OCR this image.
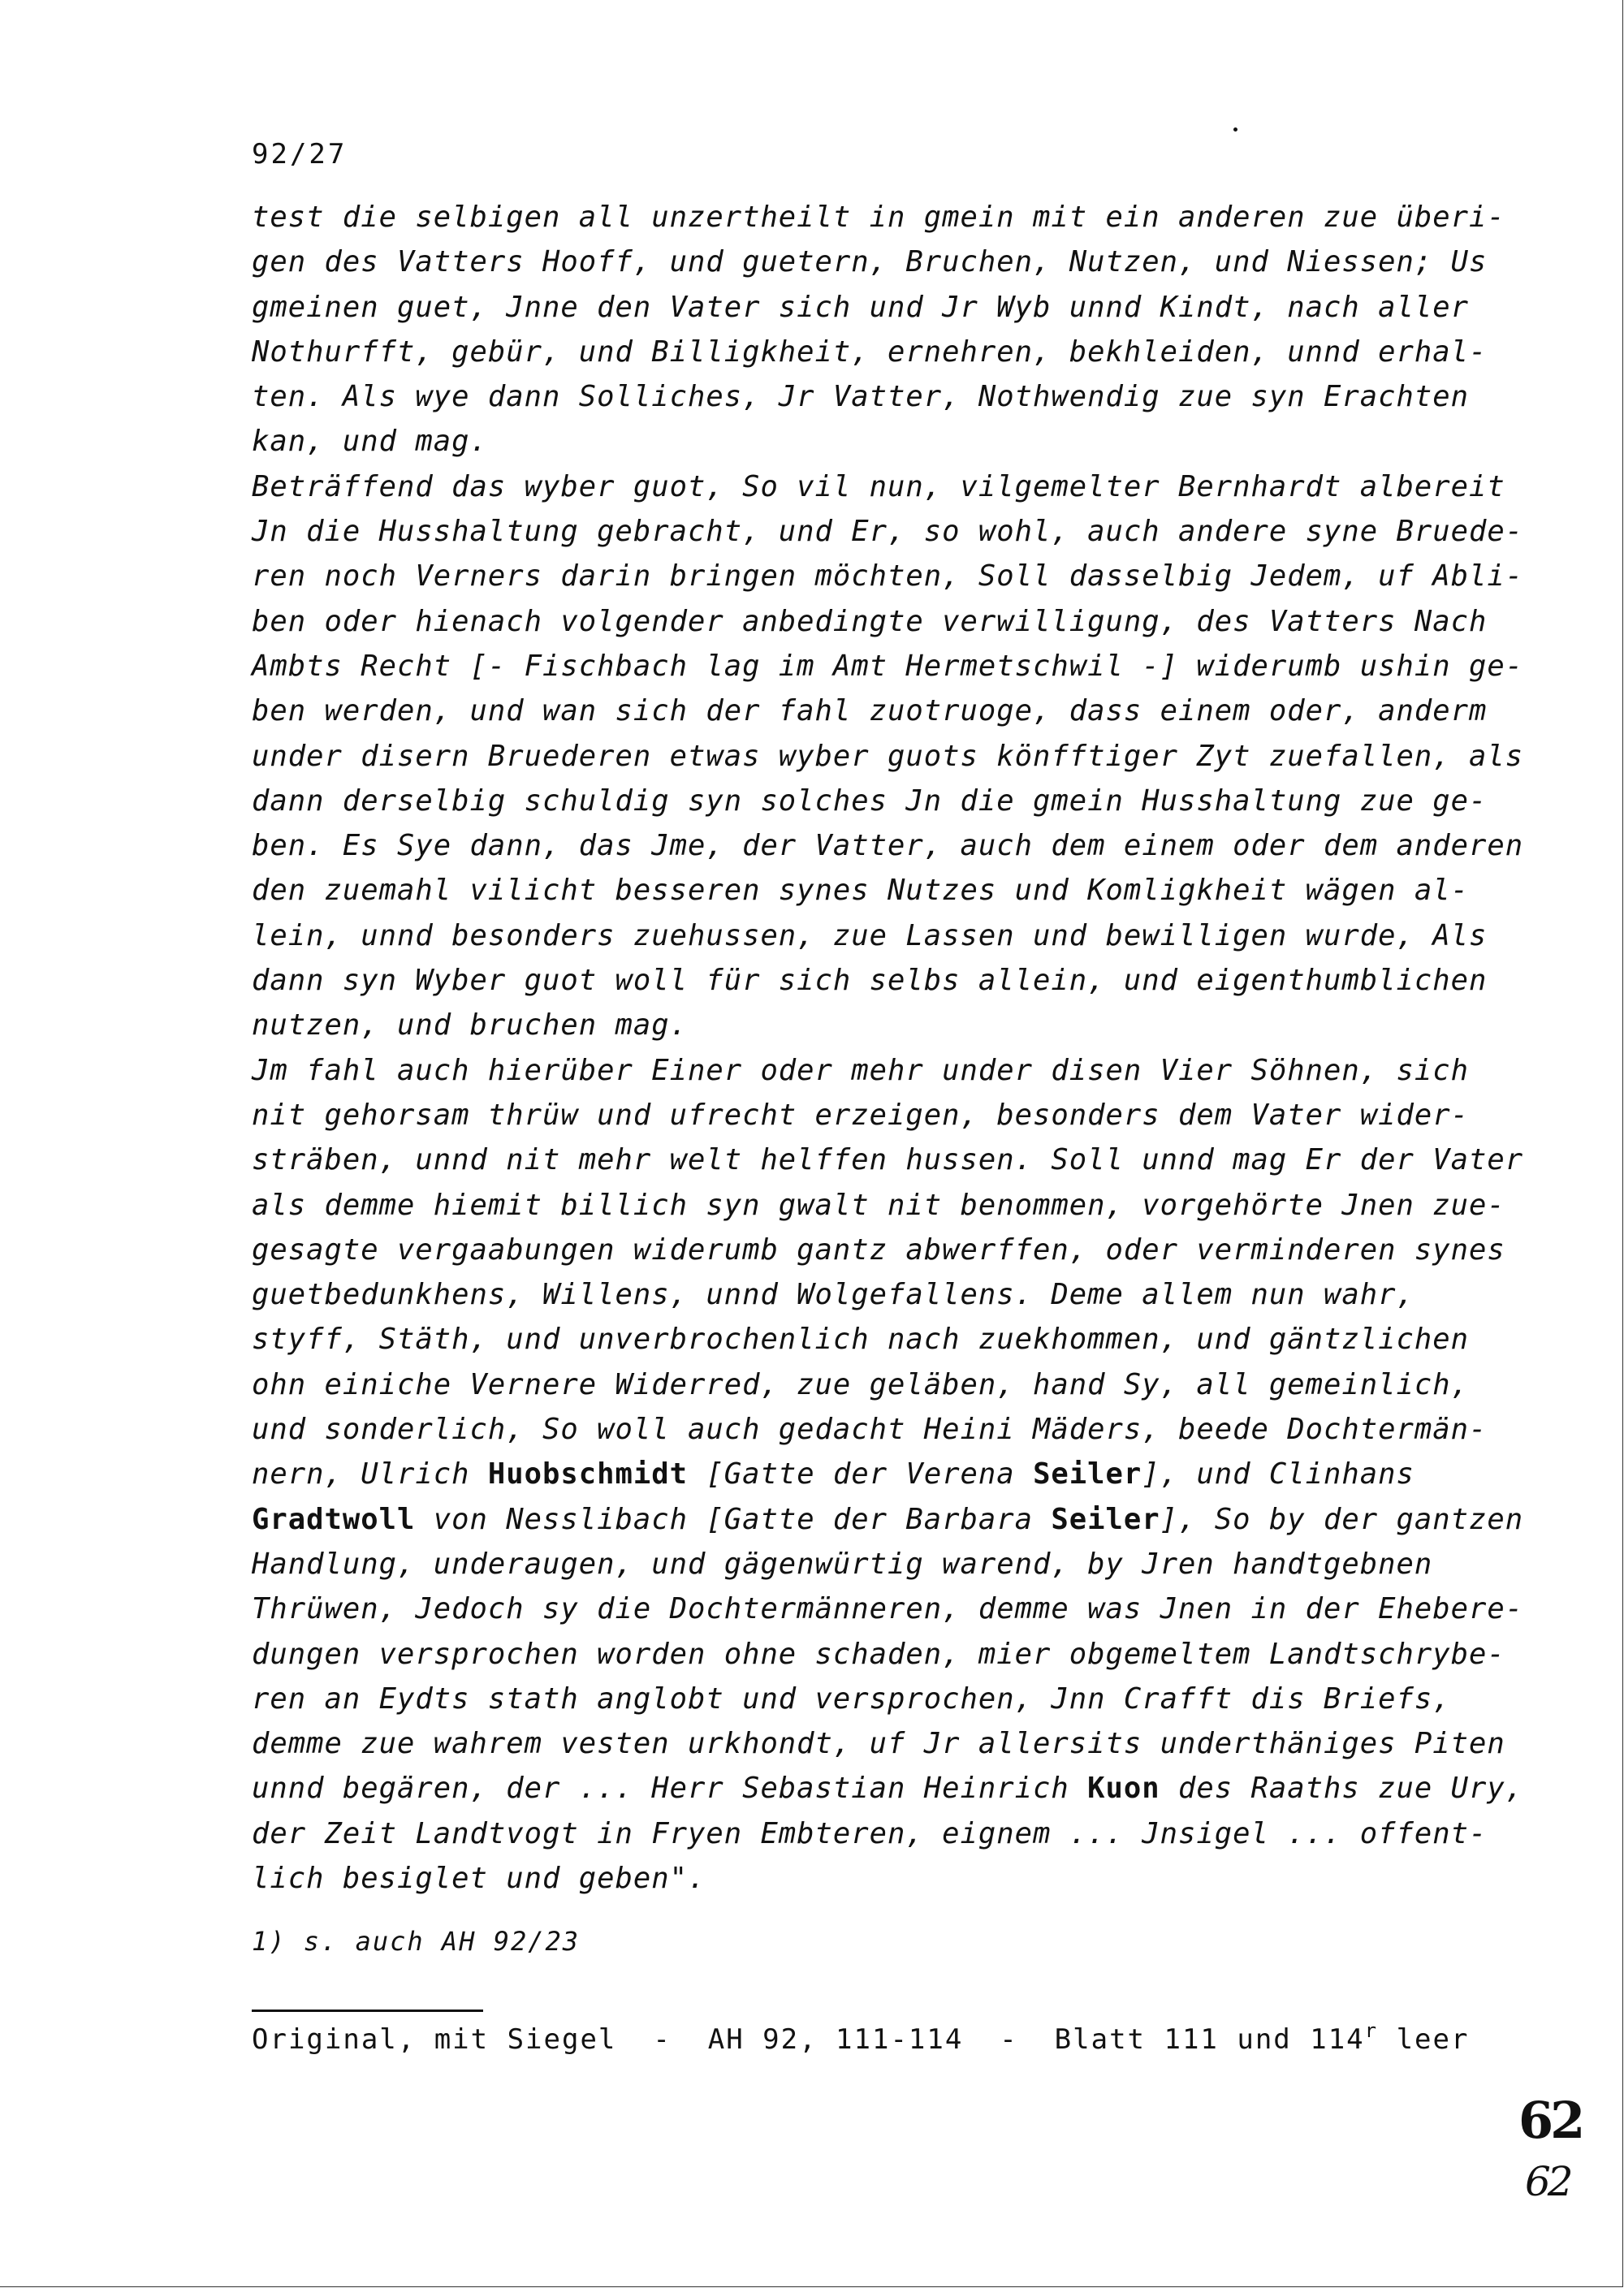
92/27
test die selbigen all unzertheilt in gmein mit ein anderen zue überi-
gen des Vatters Hooff, und guetern, Bruchen, Nutzen, und Niessen; Us
gmeinen guet, Jnne den Vater sich und Jr Wyb unnd Kindt, nach aller
Nothurfft, gebür, und Billigkheit, ernehren, bekhleiden, unnd erhal-
ten. Als wye dann Solliches, Jr Vatter, Nothwendig zue syn Erachten
kan, und mag.
Beträffend das wyber guot, So vil nun, vilgemelter Bernhardt albereit
Jn die Husshaltung gebracht, und Er, so wohl, auch andere syne Bruede-
ren noch Verners darin bringen möchten, Soll dasselbig Jedem, uf Abli-
ben oder hienach volgender anbedingte verwilligung, des Vatters Nach
Ambts Recht [- Fischbach lag im Amt Hermetschwil -] widerumb ushin ge-
ben werden, und wan sich der fahl zuotruoge, dass einem oder, anderm
under disern Bruederen etwas wyber guots könfftiger Zyt zuefallen, als
dann derselbig schuldig syn solches Jn die gmein Husshaltung zue ge-
ben. Es Sye dann, das Jme, der Vatter, auch dem einem oder dem anderen
den zuemahl vilicht besseren synes Nutzes und Komligkheit wägen al-
lein, unnd besonders zuehussen, zue Lassen und bewilligen wurde, Als
dann syn Wyber guot woll für sich selbs allein, und eigenthumblichen
nutzen, und bruchen mag.
Jm fahl auch hierüber Einer oder mehr under disen Vier Söhnen, sich
nit gehorsam thrüw und ufrecht erzeigen, besonders dem Vater wider-
sträben, unnd nit mehr welt helffen hussen. Soll unnd mag Er der Vater
als demme hiemit billich syn gwalt nit benommen, vorgehörte Jnen zue-
gesagte vergaabungen widerumb gantz abwerffen, oder verminderen synes
guetbedunkhens, Willens, unnd Wolgefallens. Deme allem nun wahr,
styff, Stäth, und unverbrochenlich nach zuekhommen, und gäntzlichen
ohn einiche Vernere Widerred, zue geläben, hand Sy, all gemeinlich,
und sonderlich, So woll auch gedacht Heini Mäders, beede Dochtermän-
nern, Ulrich Huobschmidt [Gatte der Verena Seiler], und Clinhans
Gradtwoll von Nesslibach [Gatte der Barbara Seiler], So by der gantzen
Handlung, underaugen, und gägenwürtig warend, by Jren handtgebnen
Thrüwen, Jedoch sy die Dochtermänneren, demme was Jnen in der Eheberе-
dungen versprochen worden ohne schaden, mier obgemeltem Landtschrybe-
ren an Eydts stath anglobt und versprochen, Jnn Crafft dis Briefs,
demme zue wahrem vesten urkhondt, uf Jr allersits underthäniges Piten
unnd begären, der ... Herr Sebastian Heinrich Kuon des Raaths zue Ury,
der Zeit Landtvogt in Fryen Embteren, eignem ... Jnsigel ... offent-
lich besiglet und geben".
1) s. auch AH 92/23
Original, mit Siegel  -  AH 92, 111-114  -  Blatt 111 und 114$^r$ leer
62
62
